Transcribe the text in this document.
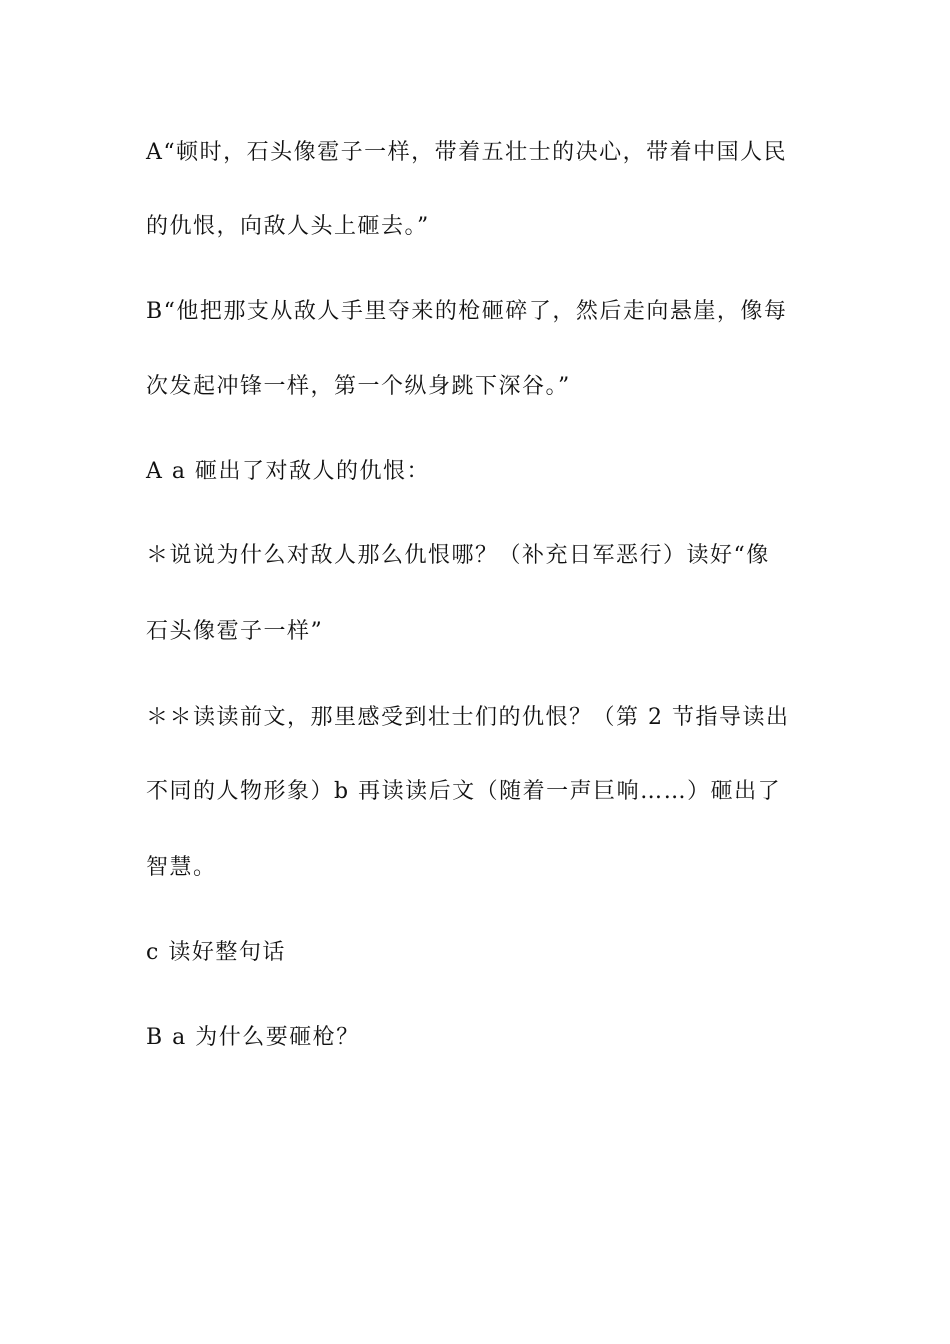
A“顿时，石头像雹子一样，带着五壮士的决心，带着中国人民
的仇恨，向敌人头上砸去。”
B“他把那支从敌人手里夺来的枪砸碎了，然后走向悬崖，像每
次发起冲锋一样，第一个纵身跳下深谷。”
A a 砸出了对敌人的仇恨：
＊说说为什么对敌人那么仇恨哪？（补充日军恶行）读好“像
石头像雹子一样”
＊＊读读前文，那里感受到壮士们的仇恨？（第 2 节指导读出
不同的人物形象）b 再读读后文（随着一声巨响……）砸出了
智慧。
c 读好整句话
B a 为什么要砸枪？
